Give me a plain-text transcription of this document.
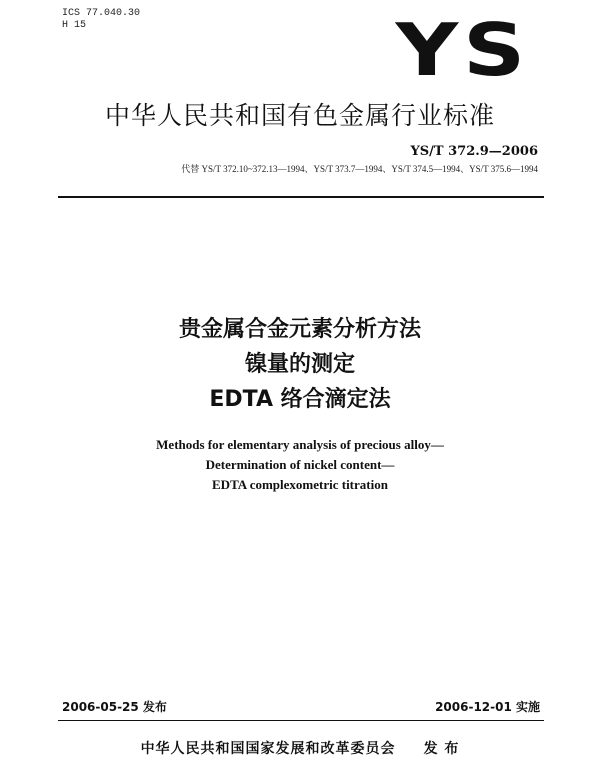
ICS 77.040.30
H 15	YS
中华人民共和国有色金属行业标准
YS/T 372.9—2006
代替 YS/T 372.10~372.13—1994、YS/T 373.7—1994、YS/T 374.5—1994、YS/T 375.6—1994
贵金属合金元素分析方法
镍量的测定
EDTA 络合滴定法
Methods for elementary analysis of precious alloy—
Determination of nickel content—
EDTA complexometric titration
2006-05-25 发布	2006-12-01 实施
中华人民共和国国家发展和改革委员会 发 布
